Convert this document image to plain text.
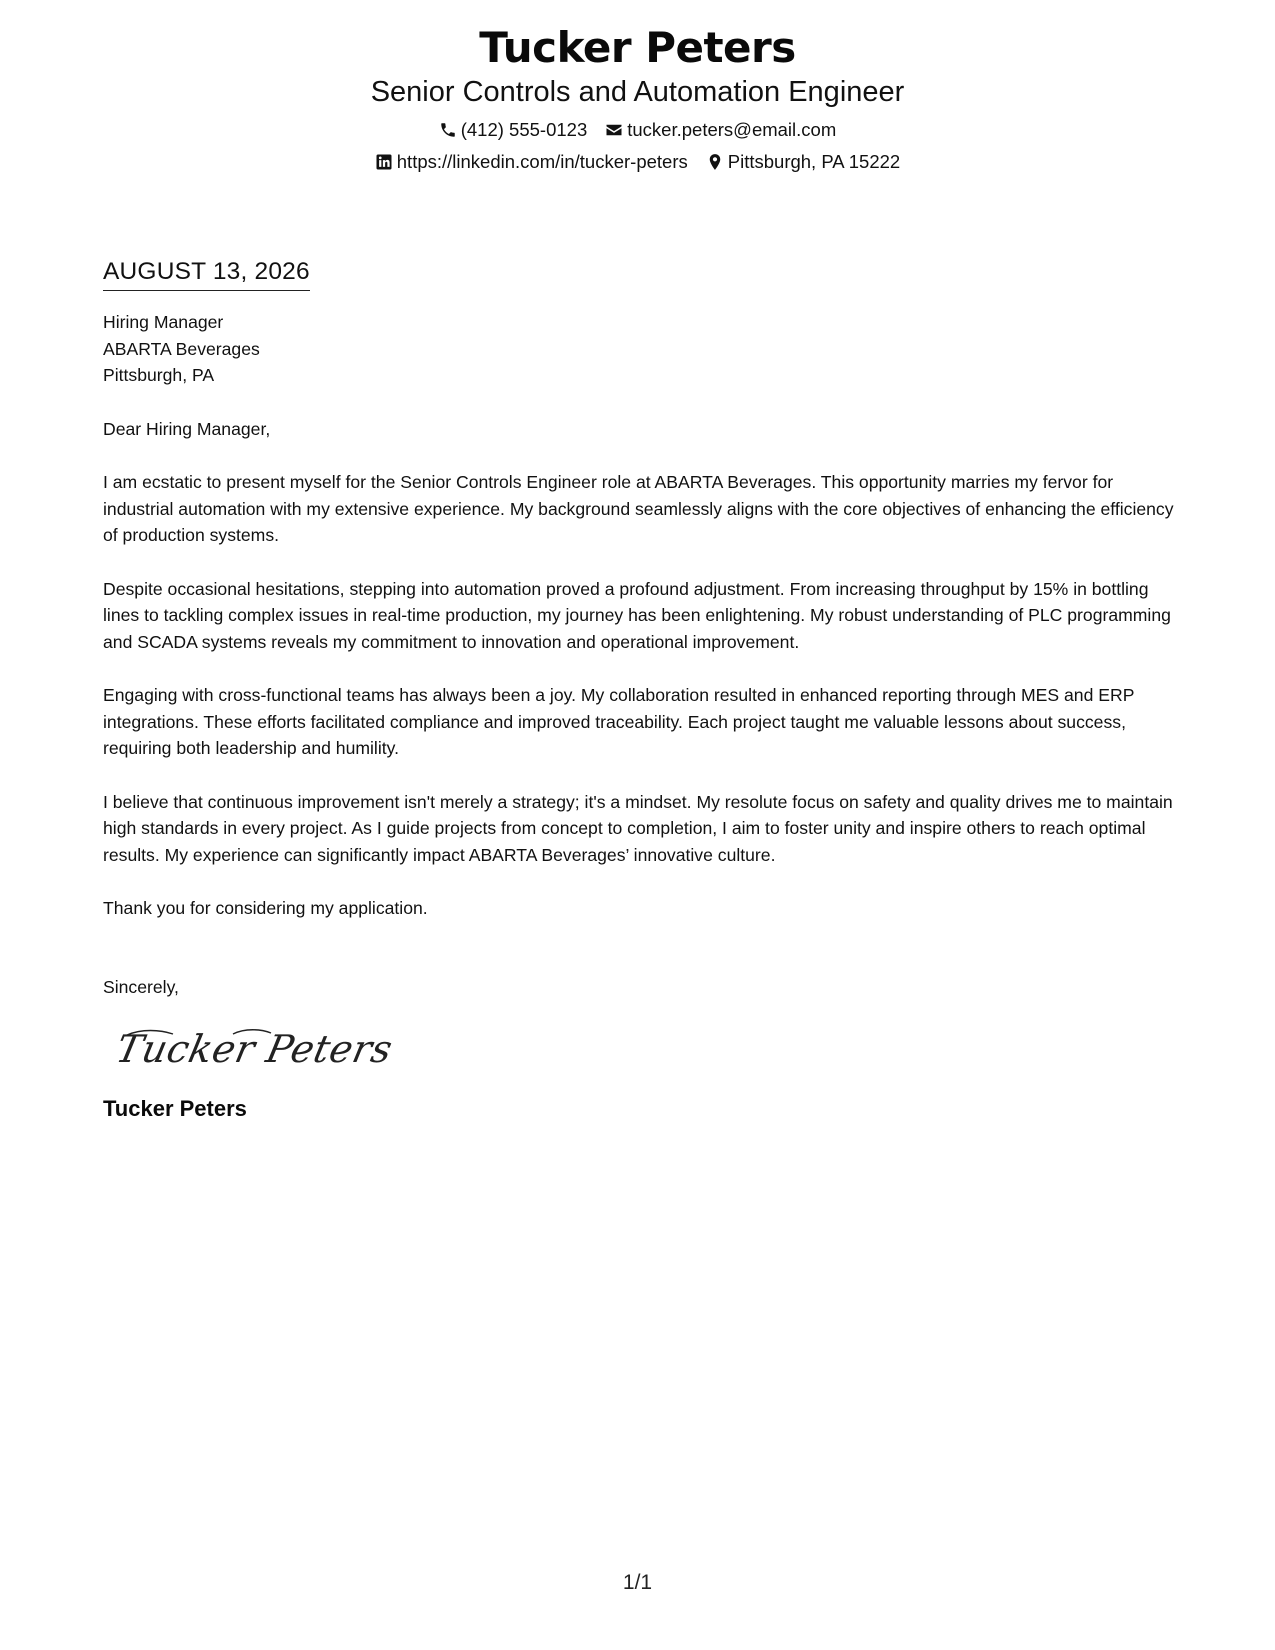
Tucker Peters
Senior Controls and Automation Engineer
(412) 555-0123 tucker.peters@email.com
https://linkedin.com/in/tucker-peters Pittsburgh, PA 15222
AUGUST 13, 2026
Hiring Manager
ABARTA Beverages
Pittsburgh, PA
Dear Hiring Manager,
I am ecstatic to present myself for the Senior Controls Engineer role at ABARTA Beverages. This opportunity marries my fervor for industrial automation with my extensive experience. My background seamlessly aligns with the core objectives of enhancing the efficiency of production systems.
Despite occasional hesitations, stepping into automation proved a profound adjustment. From increasing throughput by 15% in bottling lines to tackling complex issues in real-time production, my journey has been enlightening. My robust understanding of PLC programming and SCADA systems reveals my commitment to innovation and operational improvement.
Engaging with cross-functional teams has always been a joy. My collaboration resulted in enhanced reporting through MES and ERP integrations. These efforts facilitated compliance and improved traceability. Each project taught me valuable lessons about success, requiring both leadership and humility.
I believe that continuous improvement isn't merely a strategy; it's a mindset. My resolute focus on safety and quality drives me to maintain high standards in every project. As I guide projects from concept to completion, I aim to foster unity and inspire others to reach optimal results. My experience can significantly impact ABARTA Beverages’ innovative culture.
Thank you for considering my application.
Sincerely,
Tucker Peters
Tucker Peters
1/1
